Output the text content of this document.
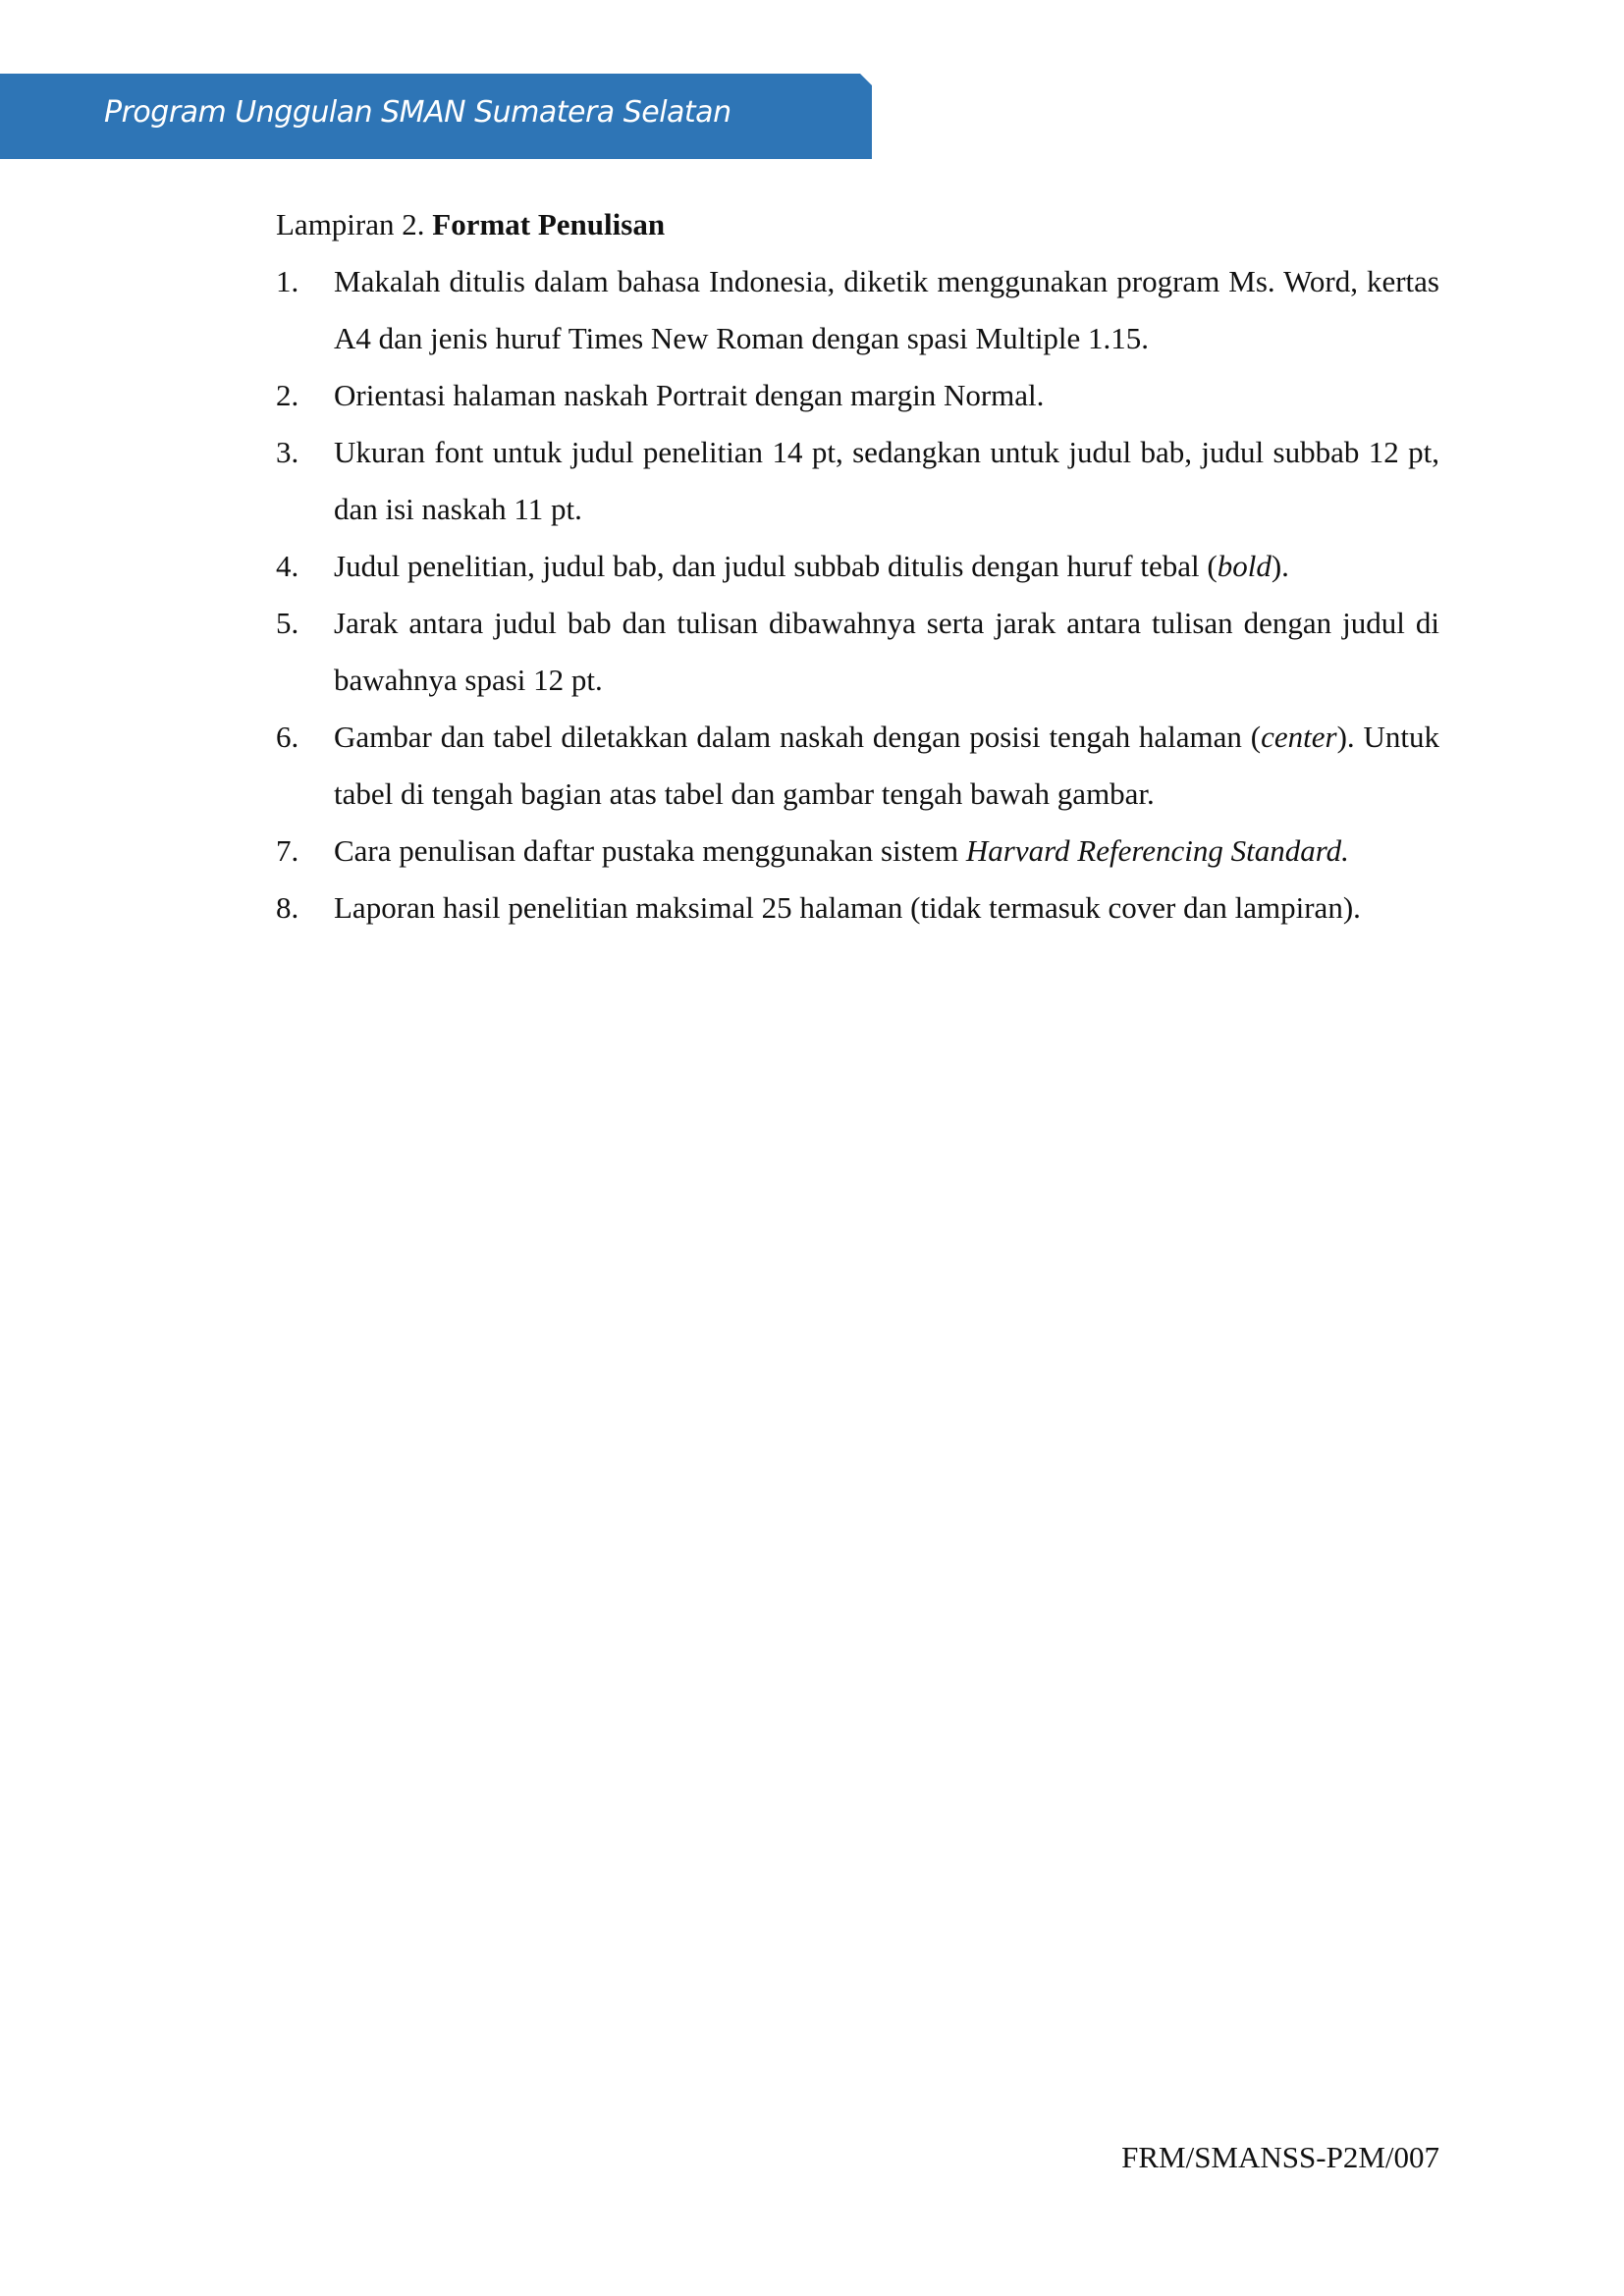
Program Unggulan SMAN Sumatera Selatan

Lampiran 2. Format Penulisan

1. Makalah ditulis dalam bahasa Indonesia, diketik menggunakan program Ms. Word, kertas A4 dan jenis huruf Times New Roman dengan spasi Multiple 1.15.
2. Orientasi halaman naskah Portrait dengan margin Normal.
3. Ukuran font untuk judul penelitian 14 pt, sedangkan untuk judul bab, judul subbab 12 pt, dan isi naskah 11 pt.
4. Judul penelitian, judul bab, dan judul subbab ditulis dengan huruf tebal (bold).
5. Jarak antara judul bab dan tulisan dibawahnya serta jarak antara tulisan dengan judul di bawahnya spasi 12 pt.
6. Gambar dan tabel diletakkan dalam naskah dengan posisi tengah halaman (center). Untuk tabel di tengah bagian atas tabel dan gambar tengah bawah gambar.
7. Cara penulisan daftar pustaka menggunakan sistem Harvard Referencing Standard.
8. Laporan hasil penelitian maksimal 25 halaman (tidak termasuk cover dan lampiran).
FRM/SMANSS-P2M/007
